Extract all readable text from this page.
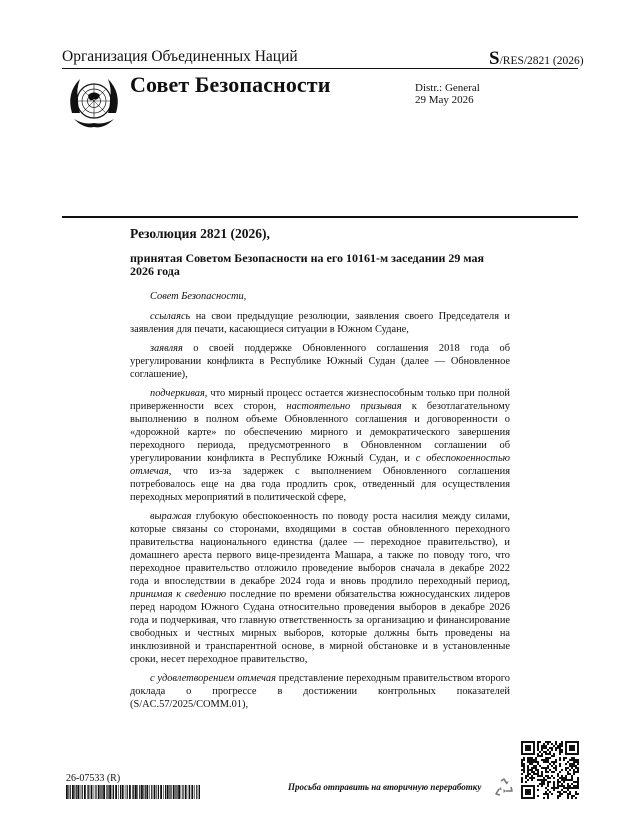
Организация Объединенных Наций	S/RES/2821 (2026)
Совет Безопасности	Distr.: General
29 May 2026
Резолюция 2821 (2026),
принятая Советом Безопасности на его 10161-м заседании 29 мая 2026 года

Совет Безопасности,

ссылаясь на свои предыдущие резолюции, заявления своего Председателя и заявления для печати, касающиеся ситуации в Южном Судане,

заявляя о своей поддержке Обновленного соглашения 2018 года об урегулировании конфликта в Республике Южный Судан (далее — Обновленное соглашение),

подчеркивая, что мирный процесс остается жизнеспособным только при полной приверженности всех сторон, настоятельно призывая к безотлагательному выполнению в полном объеме Обновленного соглашения и договоренности о «дорожной карте» по обеспечению мирного и демократического завершения переходного периода, предусмотренного в Обновленном соглашении об урегулировании конфликта в Республике Южный Судан, и с обеспокоенностью отмечая, что из-за задержек с выполнением Обновленного соглашения потребовалось еще на два года продлить срок, отведенный для осуществления переходных мероприятий в политической сфере,

выражая глубокую обеспокоенность по поводу роста насилия между силами, которые связаны со сторонами, входящими в состав обновленного переходного правительства национального единства (далее — переходное правительство), и домашнего ареста первого вице-президента Машара, а также по поводу того, что переходное правительство отложило проведение выборов сначала в декабре 2022 года и впоследствии в декабре 2024 года и вновь продлило переходный период, принимая к сведению последние по времени обязательства южносуданских лидеров перед народом Южного Судана относительно проведения выборов в декабре 2026 года и подчеркивая, что главную ответственность за организацию и финансирование свободных и честных мирных выборов, которые должны быть проведены на инклюзивной и транспарентной основе, в мирной обстановке и в установленные сроки, несет переходное правительство,

с удовлетворением отмечая представление переходным правительством второго доклада о прогрессе в достижении контрольных показателей (S/AC.57/2025/COMM.01),

26-07533 (R)
Просьба отправить на вторичную переработку
